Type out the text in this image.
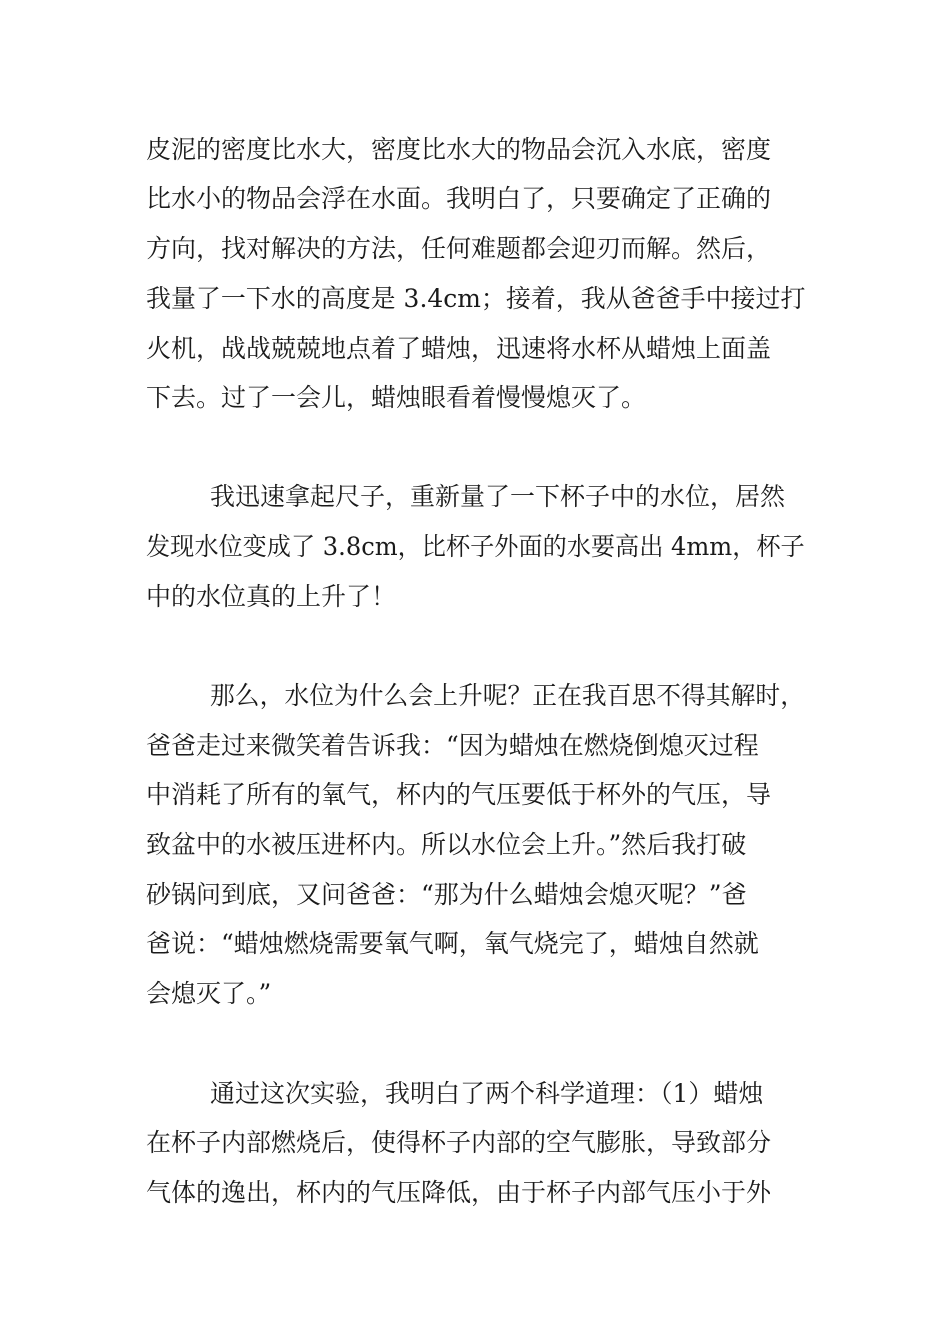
皮泥的密度比水大，密度比水大的物品会沉入水底，密度
比水小的物品会浮在水面。我明白了，只要确定了正确的
方向，找对解决的方法，任何难题都会迎刃而解。然后，
我量了一下水的高度是 3.4cm；接着，我从爸爸手中接过打
火机，战战兢兢地点着了蜡烛，迅速将水杯从蜡烛上面盖
下去。过了一会儿，蜡烛眼看着慢慢熄灭了。
我迅速拿起尺子，重新量了一下杯子中的水位，居然
发现水位变成了 3.8cm，比杯子外面的水要高出 4mm，杯子
中的水位真的上升了！
那么，水位为什么会上升呢？正在我百思不得其解时，
爸爸走过来微笑着告诉我：“因为蜡烛在燃烧倒熄灭过程
中消耗了所有的氧气，杯内的气压要低于杯外的气压，导
致盆中的水被压进杯内。所以水位会上升。”然后我打破
砂锅问到底，又问爸爸：“那为什么蜡烛会熄灭呢？”爸
爸说：“蜡烛燃烧需要氧气啊，氧气烧完了，蜡烛自然就
会熄灭了。”
通过这次实验，我明白了两个科学道理：（1）蜡烛
在杯子内部燃烧后，使得杯子内部的空气膨胀，导致部分
气体的逸出，杯内的气压降低，由于杯子内部气压小于外
